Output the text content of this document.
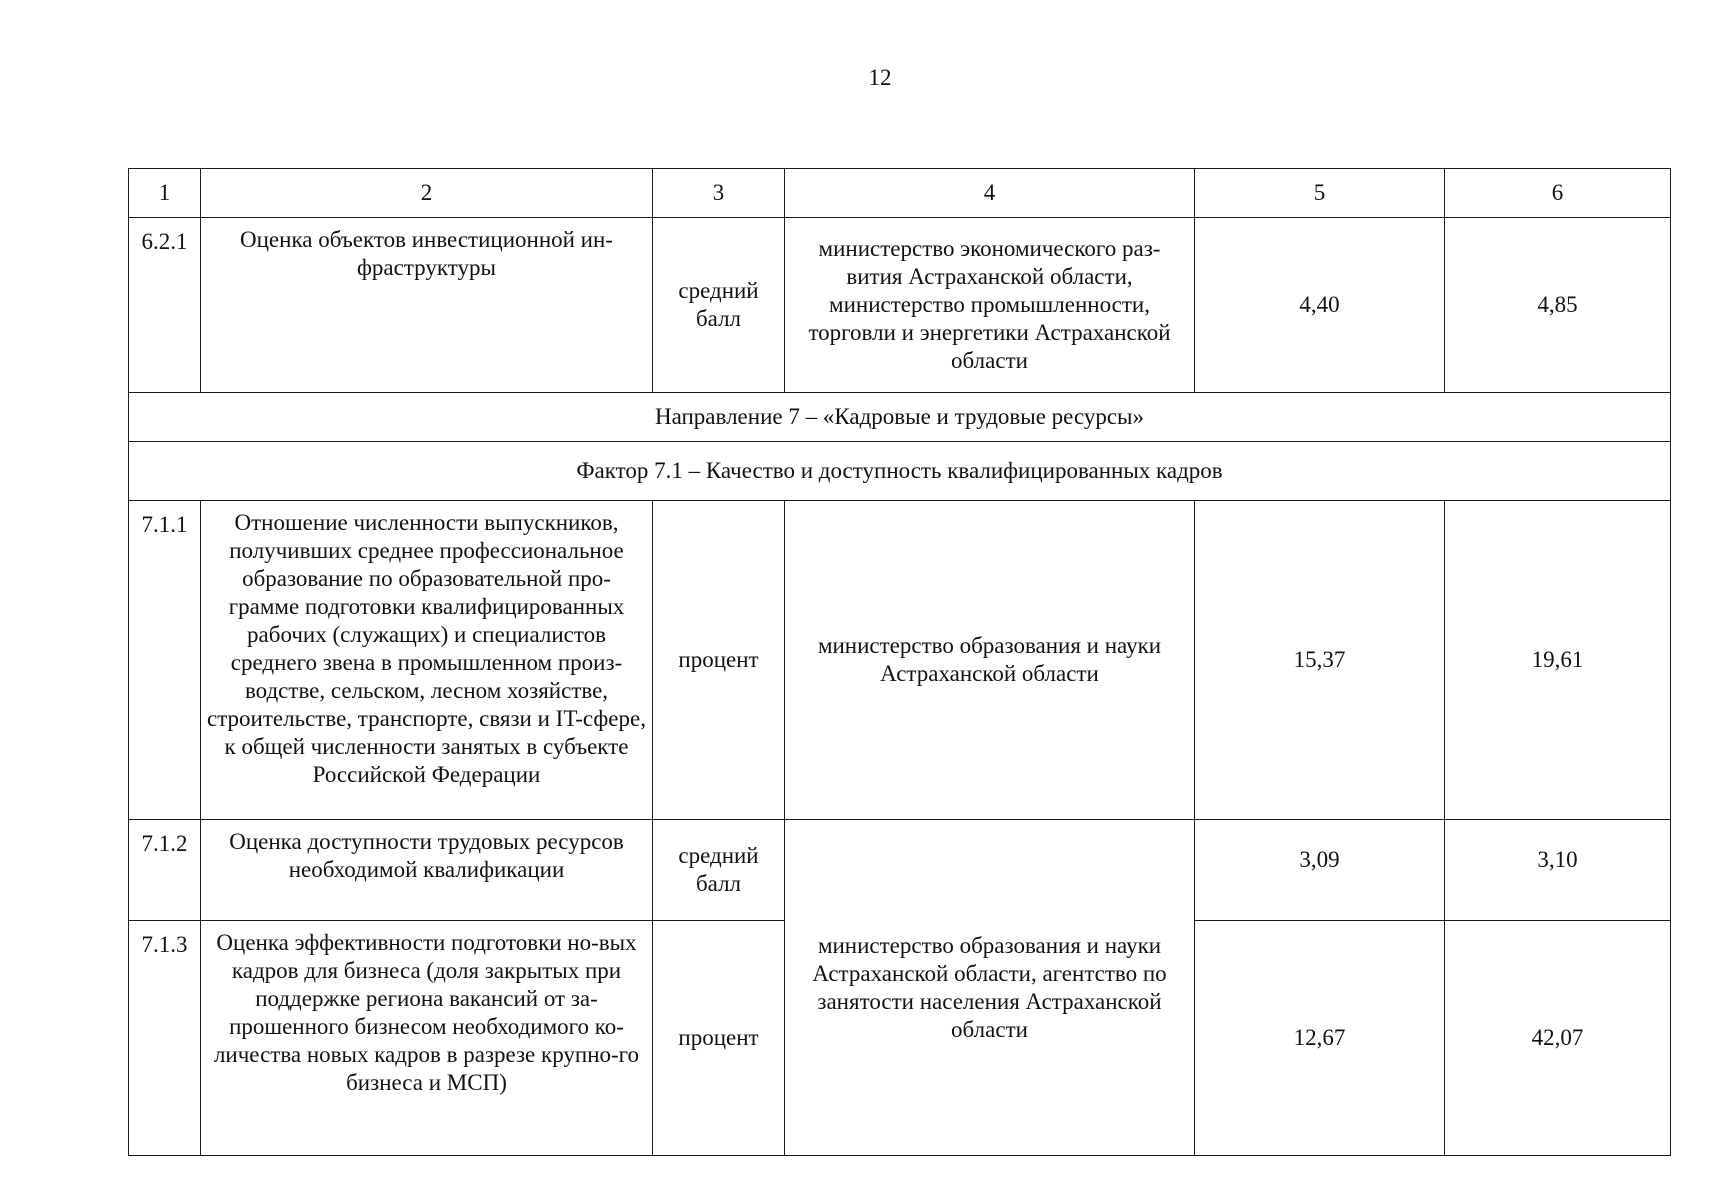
12
1	2	3	4	5	6
6.2.1	Оценка объектов инвестиционной ин-фраструктуры	средний балл	министерство экономического раз-вития Астраханской области, министерство промышленности, торговли и энергетики Астраханской области	4,40	4,85
Направление 7 – «Кадровые и трудовые ресурсы»					
Фактор 7.1 – Качество и доступность квалифицированных кадров					
7.1.1	Отношение численности выпускников, получивших среднее профессиональное образование по образовательной про-грамме подготовки квалифицированных рабочих (служащих) и специалистов среднего звена в промышленном произ-водстве, сельском, лесном хозяйстве, строительстве, транспорте, связи и IT-сфере, к общей численности занятых в субъекте Российской Федерации	процент	министерство образования и науки Астраханской области	15,37	19,61
7.1.2	Оценка доступности трудовых ресурсов необходимой квалификации	средний балл	министерство образования и науки Астраханской области, агентство по занятости населения Астраханской области	3,09	3,10
7.1.3	Оценка эффективности подготовки но-вых кадров для бизнеса (доля закрытых при поддержке региона вакансий от за-прошенного бизнесом необходимого ко-личества новых кадров в разрезе крупно-го бизнеса и МСП)	процент		12,67	42,07
